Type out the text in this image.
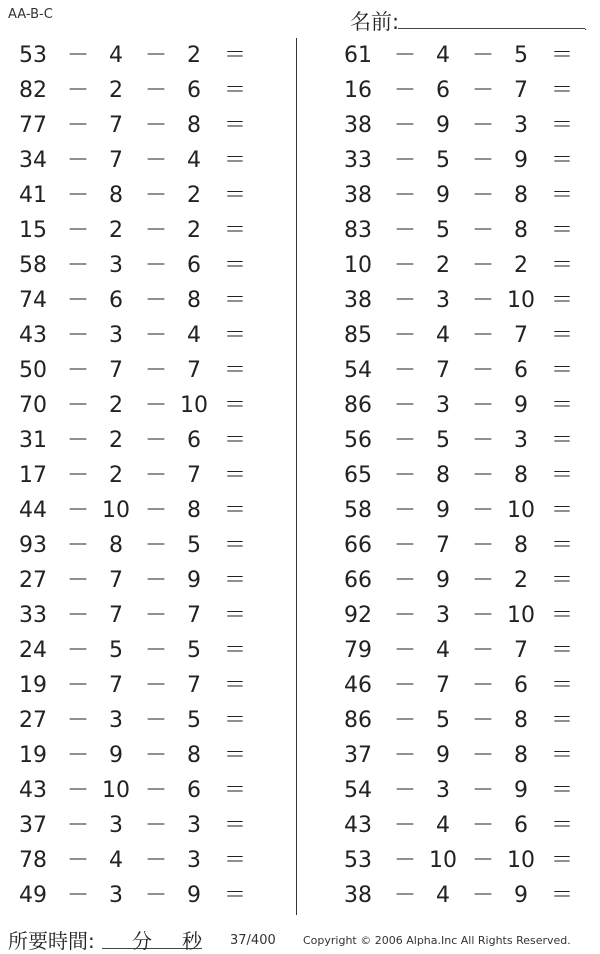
AA-B-C	名前:	.
53 － 4 － 2	＝
82 － 2 － 6	＝
77 － 7 － 8	＝
34 － 7 － 4	＝
41 － 8 － 2	＝
15 － 2 － 2	＝
58 － 3 － 6	＝
74 － 6 － 8	＝
43 － 3 － 4	＝
50 － 7 － 7	＝
70 － 2 － 10 ＝
31 － 2 － 6	＝
17 － 2 － 7	＝
44 － 10 － 8	＝
93 － 8 － 5	＝
27 － 7 － 9	＝
33 － 7 － 7	＝
24 － 5 － 5	＝
19 － 7 － 7	＝
27 － 3 － 5	＝
19 － 9 － 8	＝
43 － 10 － 6	＝
37 － 3 － 3	＝
78 － 4 － 3	＝
49 － 3 － 9	＝
61 － 4 － 5	＝
16 － 6 － 7	＝
38 － 9 － 3	＝
33 － 5 － 9	＝
38 － 9 － 8	＝
83 － 5 － 8	＝
10 － 2 － 2	＝
38 － 3 － 10 ＝
85 － 4 － 7	＝
54 － 7 － 6	＝
86 － 3 － 9	＝
56 － 5 － 3	＝
65 － 8 － 8	＝
58 － 9 － 10 ＝
66 － 7 － 8	＝
66 － 9 － 2	＝
92 － 3 － 10 ＝
79 － 4 － 7	＝
46 － 7 － 6	＝
86 － 5 － 8	＝
37 － 9 － 8	＝
54 － 3 － 9	＝
43 － 4 － 6	＝
53 － 10 － 10 ＝
38 － 4 － 9	＝
所要時間: 分 秒 37/400 Copyright © 2006 Alpha.Inc All Rights Reserved.
